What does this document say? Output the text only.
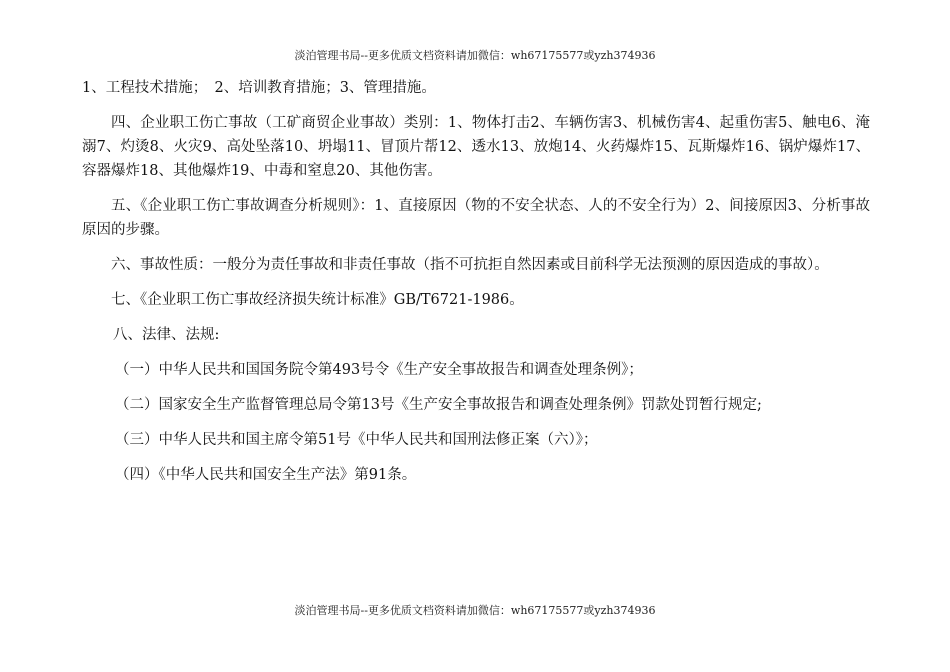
淡泊管理书局--更多优质文档资料请加微信：wh67175577或yzh374936

1、工程技术措施；　2、培训教育措施；3、管理措施。

四、企业职工伤亡事故（工矿商贸企业事故）类别：1、物体打击2、车辆伤害3、机械伤害4、起重伤害5、触电6、淹溺7、灼烫8、火灾9、高处坠落10、坍塌11、冒顶片帮12、透水13、放炮14、火药爆炸15、瓦斯爆炸16、锅炉爆炸17、容器爆炸18、其他爆炸19、中毒和窒息20、其他伤害。

五、《企业职工伤亡事故调查分析规则》：1、直接原因（物的不安全状态、人的不安全行为）2、间接原因3、分析事故原因的步骤。

六、事故性质：一般分为责任事故和非责任事故（指不可抗拒自然因素或目前科学无法预测的原因造成的事故）。

七、《企业职工伤亡事故经济损失统计标准》GB/T6721-1986。

八、法律、法规:

（一）中华人民共和国国务院令第493号令《生产安全事故报告和调查处理条例》；

（二）国家安全生产监督管理总局令第13号《生产安全事故报告和调查处理条例》罚款处罚暂行规定;

（三）中华人民共和国主席令第51号《中华人民共和国刑法修正案（六）》；

（四）《中华人民共和国安全生产法》第91条。

淡泊管理书局--更多优质文档资料请加微信：wh67175577或yzh374936
